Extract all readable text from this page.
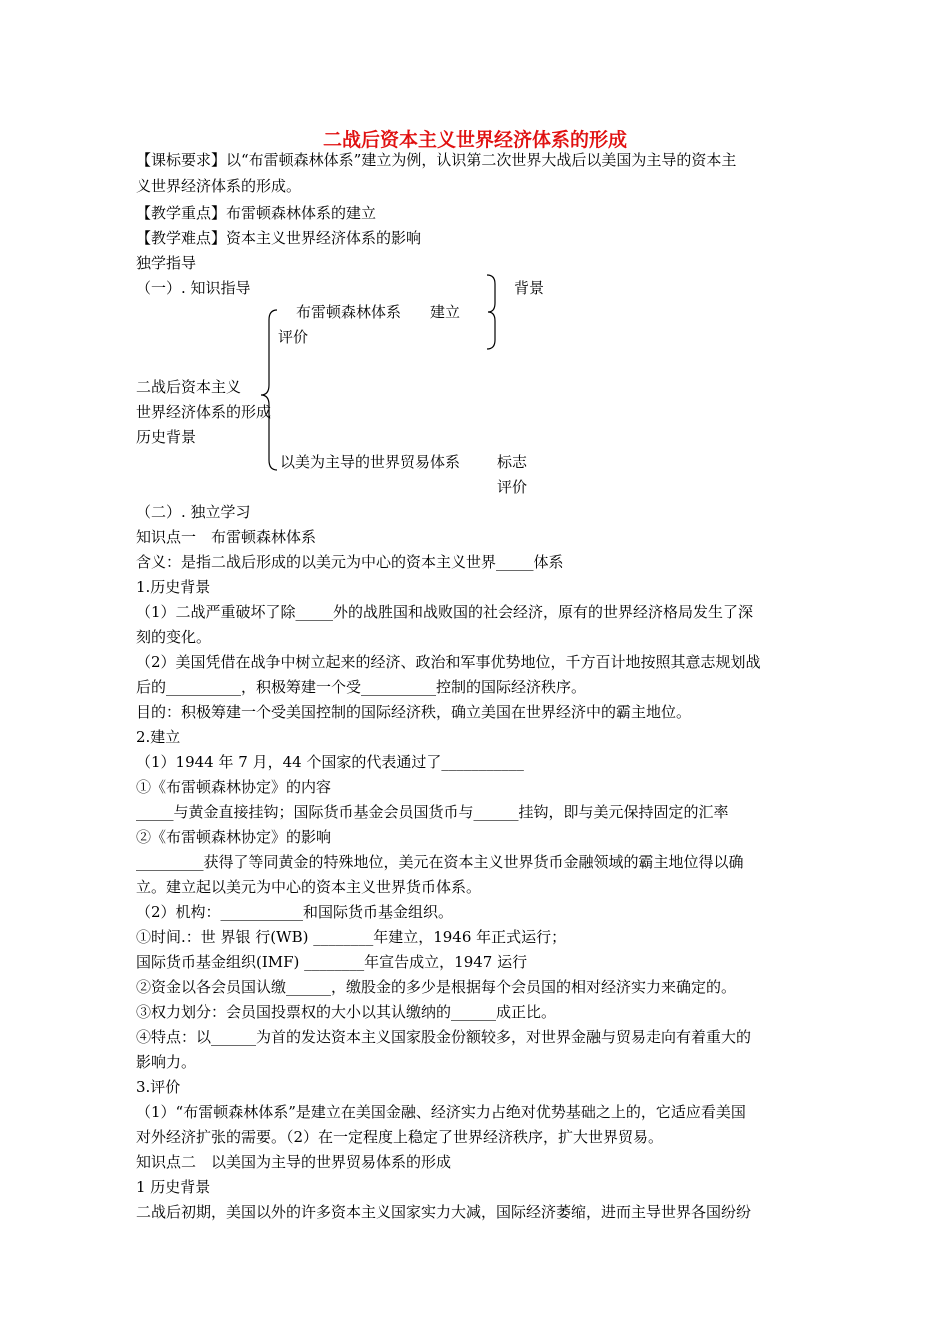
二战后资本主义世界经济体系的形成
【课标要求】以“布雷顿森林体系”建立为例，认识第二次世界大战后以美国为主导的资本主
义世界经济体系的形成。
【教学重点】布雷顿森林体系的建立
【教学难点】资本主义世界经济体系的影响
独学指导
（一）. 知识指导	背景
布雷顿森林体系 建立
评价
二战后资本主义
世界经济体系的形成
历史背景
以美为主导的世界贸易体系 标志
评价
（二）. 独立学习
知识点一　布雷顿森林体系
含义：是指二战后形成的以美元为中心的资本主义世界_____体系
1.历史背景
（1）二战严重破坏了除_____外的战胜国和战败国的社会经济，原有的世界经济格局发生了深
刻的变化。
（2）美国凭借在战争中树立起来的经济、政治和军事优势地位，千方百计地按照其意志规划战
后的__________，积极筹建一个受__________控制的国际经济秩序。
目的：积极筹建一个受美国控制的国际经济秩，确立美国在世界经济中的霸主地位。
2.建立
（1）1944 年 7 月，44 个国家的代表通过了___________
①《布雷顿森林协定》的内容
_____与黄金直接挂钩；国际货币基金会员国货币与______挂钩，即与美元保持固定的汇率
②《布雷顿森林协定》的影响
_________获得了等同黄金的特殊地位，美元在资本主义世界货币金融领域的霸主地位得以确
立。建立起以美元为中心的资本主义世界货币体系。
（2）机构：___________和国际货币基金组织。
①时间.：世 界银 行(WB) ________年建立，1946 年正式运行；
国际货币基金组织(IMF) ________年宣告成立，1947 运行
②资金以各会员国认缴______，缴股金的多少是根据每个会员国的相对经济实力来确定的。
③权力划分：会员国投票权的大小以其认缴纳的______成正比。
④特点：以______为首的发达资本主义国家股金份额较多，对世界金融与贸易走向有着重大的
影响力。
3.评价
（1）“布雷顿森林体系”是建立在美国金融、经济实力占绝对优势基础之上的，它适应看美国
对外经济扩张的需要。（2）在一定程度上稳定了世界经济秩序，扩大世界贸易。
知识点二　以美国为主导的世界贸易体系的形成
1 历史背景
二战后初期，美国以外的许多资本主义国家实力大减，国际经济萎缩，进而主导世界各国纷纷
